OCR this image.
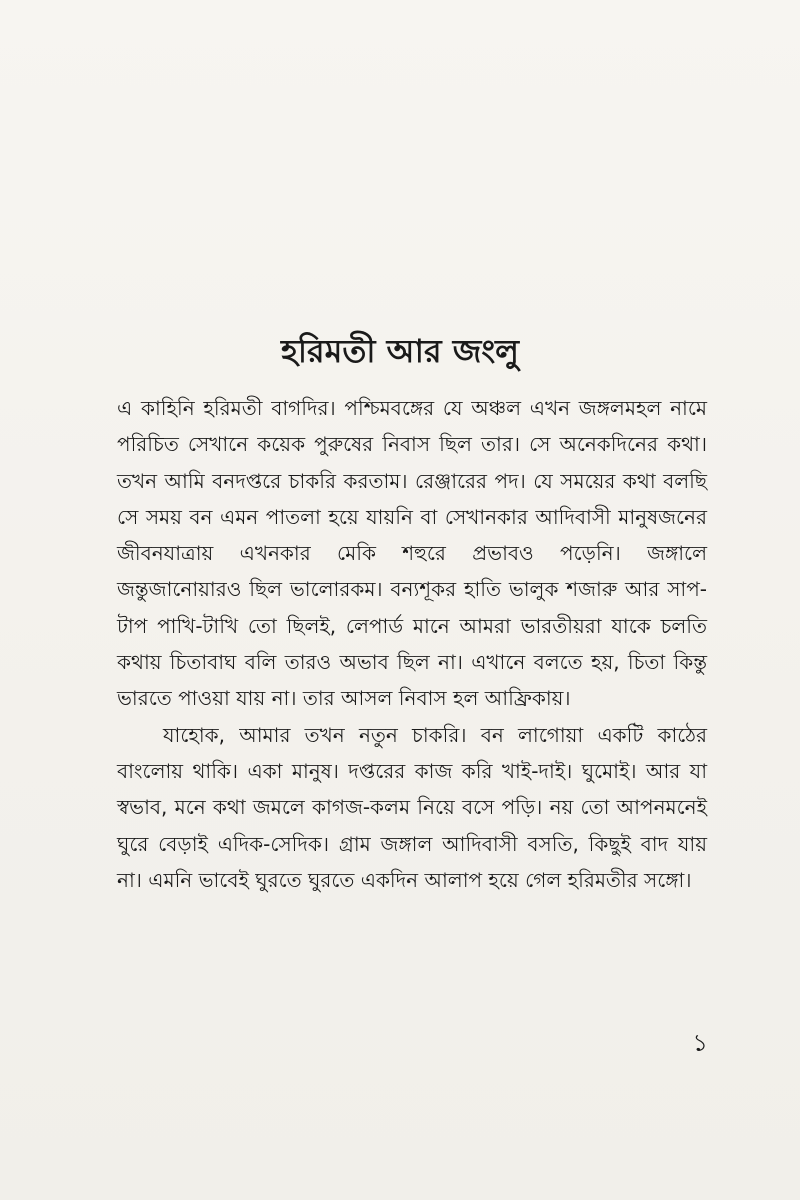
হরিমতী আর জংলু

এ কাহিনি হরিমতী বাগদির। পশ্চিমবঙ্গের যে অঞ্চল এখন জঙ্গলমহল নামে পরিচিত সেখানে কয়েক পুরুষের নিবাস ছিল তার। সে অনেকদিনের কথা। তখন আমি বনদপ্তরে চাকরি করতাম। রেঞ্জারের পদ। যে সময়ের কথা বলছি সে সময় বন এমন পাতলা হয়ে যায়নি বা সেখানকার আদিবাসী মানুষজনের জীবনযাত্রায় এখনকার মেকি শহুরে প্রভাবও পড়েনি। জঙ্গালে জন্তুজানোয়ারও ছিল ভালোরকম। বন্যশূকর হাতি ভালুক শজারু আর সাপ-টাপ পাখি-টাখি তো ছিলই, লেপার্ড মানে আমরা ভারতীয়রা যাকে চলতি কথায় চিতাবাঘ বলি তারও অভাব ছিল না। এখানে বলতে হয়, চিতা কিন্তু ভারতে পাওয়া যায় না। তার আসল নিবাস হল আফ্রিকায়।

যাহোক, আমার তখন নতুন চাকরি। বন লাগোয়া একটি কাঠের বাংলোয় থাকি। একা মানুষ। দপ্তরের কাজ করি খাই-দাই। ঘুমোই। আর যা স্বভাব, মনে কথা জমলে কাগজ-কলম নিয়ে বসে পড়ি। নয় তো আপনমনেই ঘুরে বেড়াই এদিক-সেদিক। গ্রাম জঙ্গাল আদিবাসী বসতি, কিছুই বাদ যায় না। এমনি ভাবেই ঘুরতে ঘুরতে একদিন আলাপ হয়ে গেল হরিমতীর সঙ্গো।

১
